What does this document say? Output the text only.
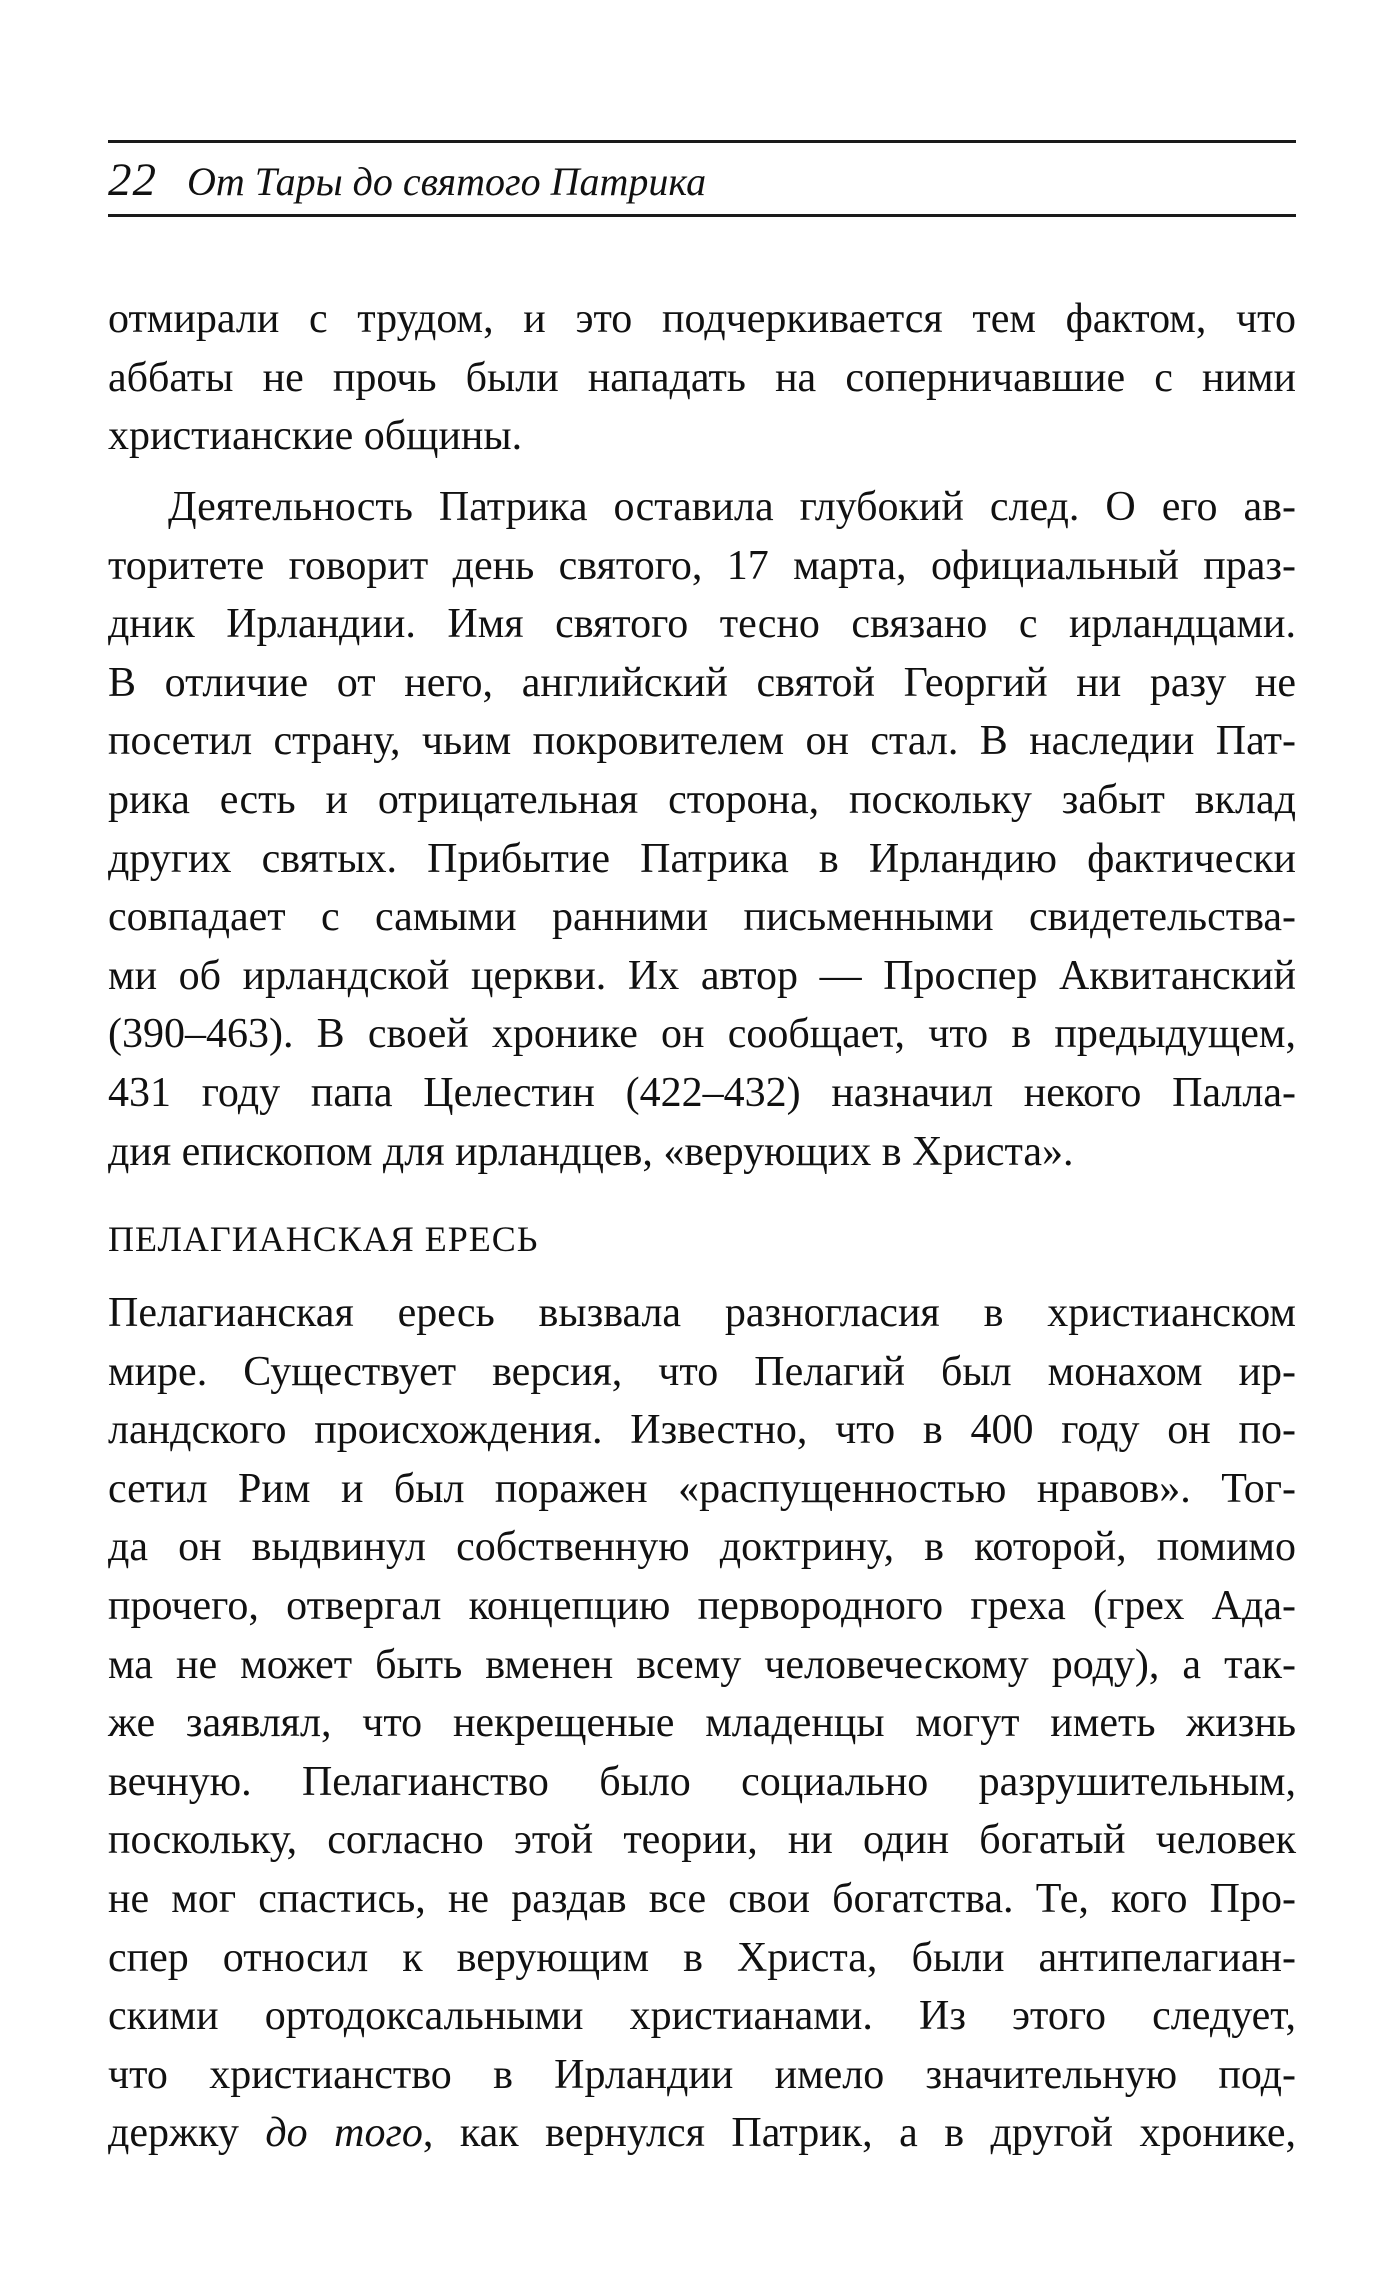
22 От Тары до святого Патрика
отмирали с трудом, и это подчеркивается тем фактом, что
аббаты не прочь были нападать на соперничавшие с ними
христианские общины.
Деятельность Патрика оставила глубокий след. О его ав-
торитете говорит день святого, 17 марта, официальный праз-
дник Ирландии. Имя святого тесно связано с ирландцами.
В отличие от него, английский святой Георгий ни разу не
посетил страну, чьим покровителем он стал. В наследии Пат-
рика есть и отрицательная сторона, поскольку забыт вклад
других святых. Прибытие Патрика в Ирландию фактически
совпадает с самыми ранними письменными свидетельства-
ми об ирландской церкви. Их автор — Проспер Аквитанский
(390–463). В своей хронике он сообщает, что в предыдущем,
431 году папа Целестин (422–432) назначил некого Паллa-
дия епископом для ирландцев, «верующих в Христа».
ПЕЛАГИАНСКАЯ ЕРЕСЬ
Пелагианская ересь вызвала разногласия в христианском
мире. Существует версия, что Пелагий был монахом ир-
ландского происхождения. Известно, что в 400 году он по-
сетил Рим и был поражен «распущенностью нравов». Тог-
да он выдвинул собственную доктрину, в которой, помимо
прочего, отвергал концепцию первородного греха (грех Ада-
ма не может быть вменен всему человеческому роду), а так-
же заявлял, что некрещеные младенцы могут иметь жизнь
вечную. Пелагианство было социально разрушительным,
поскольку, согласно этой теории, ни один богатый человек
не мог спастись, не раздав все свои богатства. Те, кого Про-
спер относил к верующим в Христа, были антипелагиан-
скими ортодоксальными христианами. Из этого следует,
что христианство в Ирландии имело значительную под-
держку до того, как вернулся Патрик, а в другой хронике,
